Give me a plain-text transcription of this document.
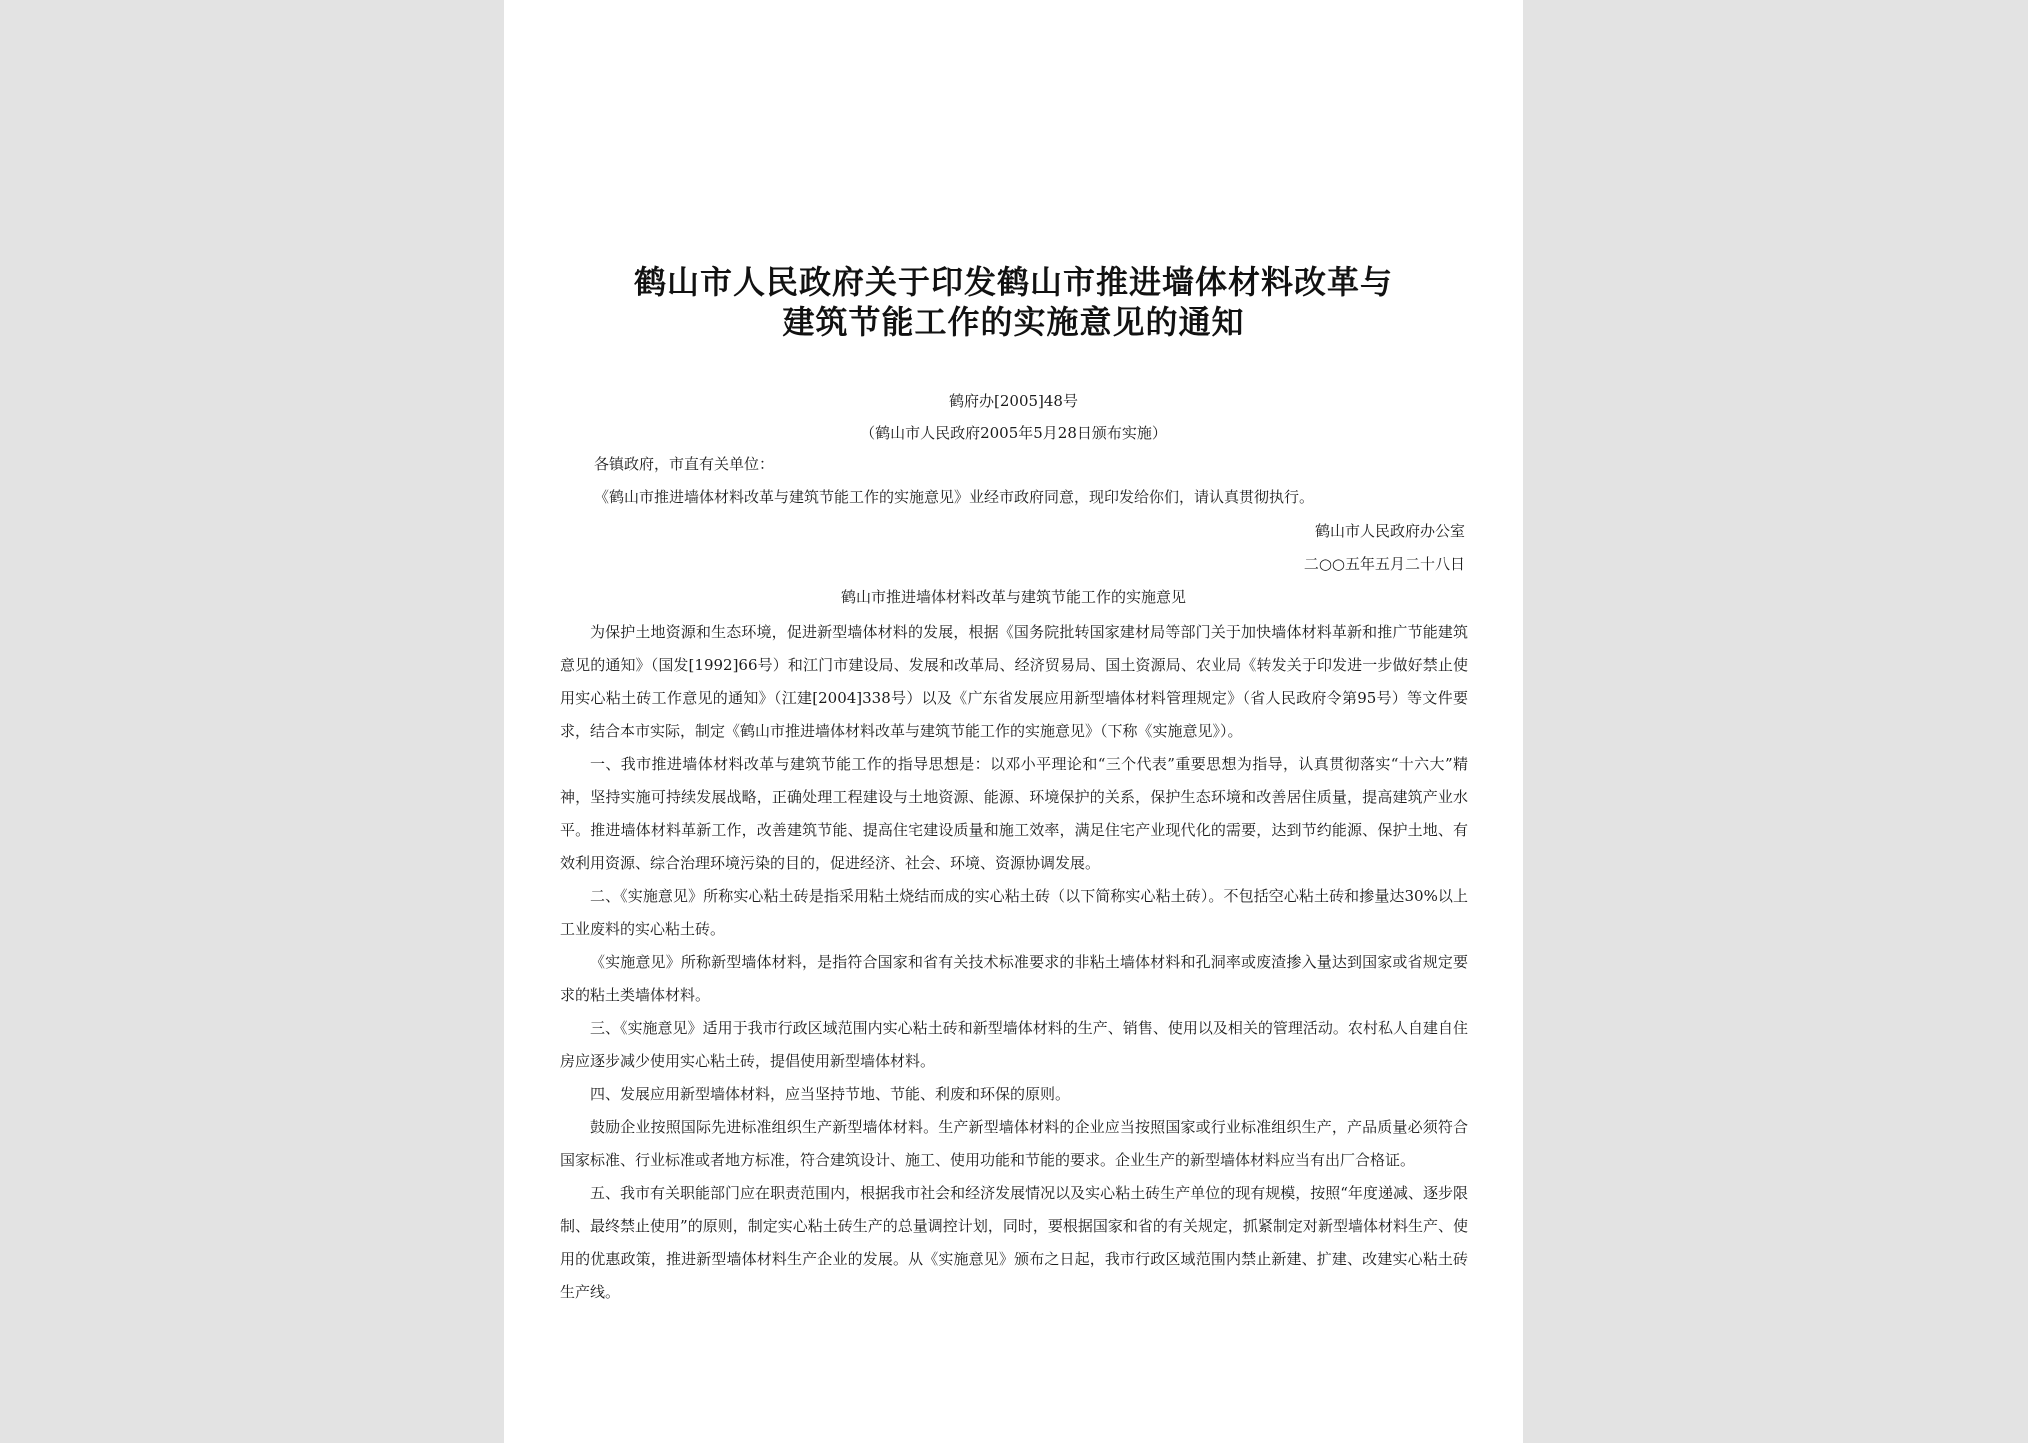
鹤山市人民政府关于印发鹤山市推进墙体材料改革与
建筑节能工作的实施意见的通知
鹤府办[2005]48号
（鹤山市人民政府2005年5月28日颁布实施）
各镇政府，市直有关单位：
《鹤山市推进墙体材料改革与建筑节能工作的实施意见》业经市政府同意，现印发给你们，请认真贯彻执行。
鹤山市人民政府办公室
二○○五年五月二十八日
鹤山市推进墙体材料改革与建筑节能工作的实施意见

为保护土地资源和生态环境，促进新型墙体材料的发展，根据《国务院批转国家建材局等部门关于加快墙体材料革新和推广节能建筑意见的通知》（国发[1992]66号）和江门市建设局、发展和改革局、经济贸易局、国土资源局、农业局《转发关于印发进一步做好禁止使用实心粘土砖工作意见的通知》（江建[2004]338号）以及《广东省发展应用新型墙体材料管理规定》（省人民政府令第95号）等文件要求，结合本市实际，制定《鹤山市推进墙体材料改革与建筑节能工作的实施意见》（下称《实施意见》）。

一、我市推进墙体材料改革与建筑节能工作的指导思想是：以邓小平理论和“三个代表”重要思想为指导，认真贯彻落实“十六大”精神，坚持实施可持续发展战略，正确处理工程建设与土地资源、能源、环境保护的关系，保护生态环境和改善居住质量，提高建筑产业水平。推进墙体材料革新工作，改善建筑节能、提高住宅建设质量和施工效率，满足住宅产业现代化的需要，达到节约能源、保护土地、有效利用资源、综合治理环境污染的目的，促进经济、社会、环境、资源协调发展。

二、《实施意见》所称实心粘土砖是指采用粘土烧结而成的实心粘土砖（以下简称实心粘土砖）。不包括空心粘土砖和掺量达30%以上工业废料的实心粘土砖。

《实施意见》所称新型墙体材料，是指符合国家和省有关技术标准要求的非粘土墙体材料和孔洞率或废渣掺入量达到国家或省规定要求的粘土类墙体材料。

三、《实施意见》适用于我市行政区域范围内实心粘土砖和新型墙体材料的生产、销售、使用以及相关的管理活动。农村私人自建自住房应逐步减少使用实心粘土砖，提倡使用新型墙体材料。

四、发展应用新型墙体材料，应当坚持节地、节能、利废和环保的原则。

鼓励企业按照国际先进标准组织生产新型墙体材料。生产新型墙体材料的企业应当按照国家或行业标准组织生产，产品质量必须符合国家标准、行业标准或者地方标准，符合建筑设计、施工、使用功能和节能的要求。企业生产的新型墙体材料应当有出厂合格证。

五、我市有关职能部门应在职责范围内，根据我市社会和经济发展情况以及实心粘土砖生产单位的现有规模，按照“年度递减、逐步限制、最终禁止使用”的原则，制定实心粘土砖生产的总量调控计划，同时，要根据国家和省的有关规定，抓紧制定对新型墙体材料生产、使用的优惠政策，推进新型墙体材料生产企业的发展。从《实施意见》颁布之日起，我市行政区域范围内禁止新建、扩建、改建实心粘土砖生产线。
